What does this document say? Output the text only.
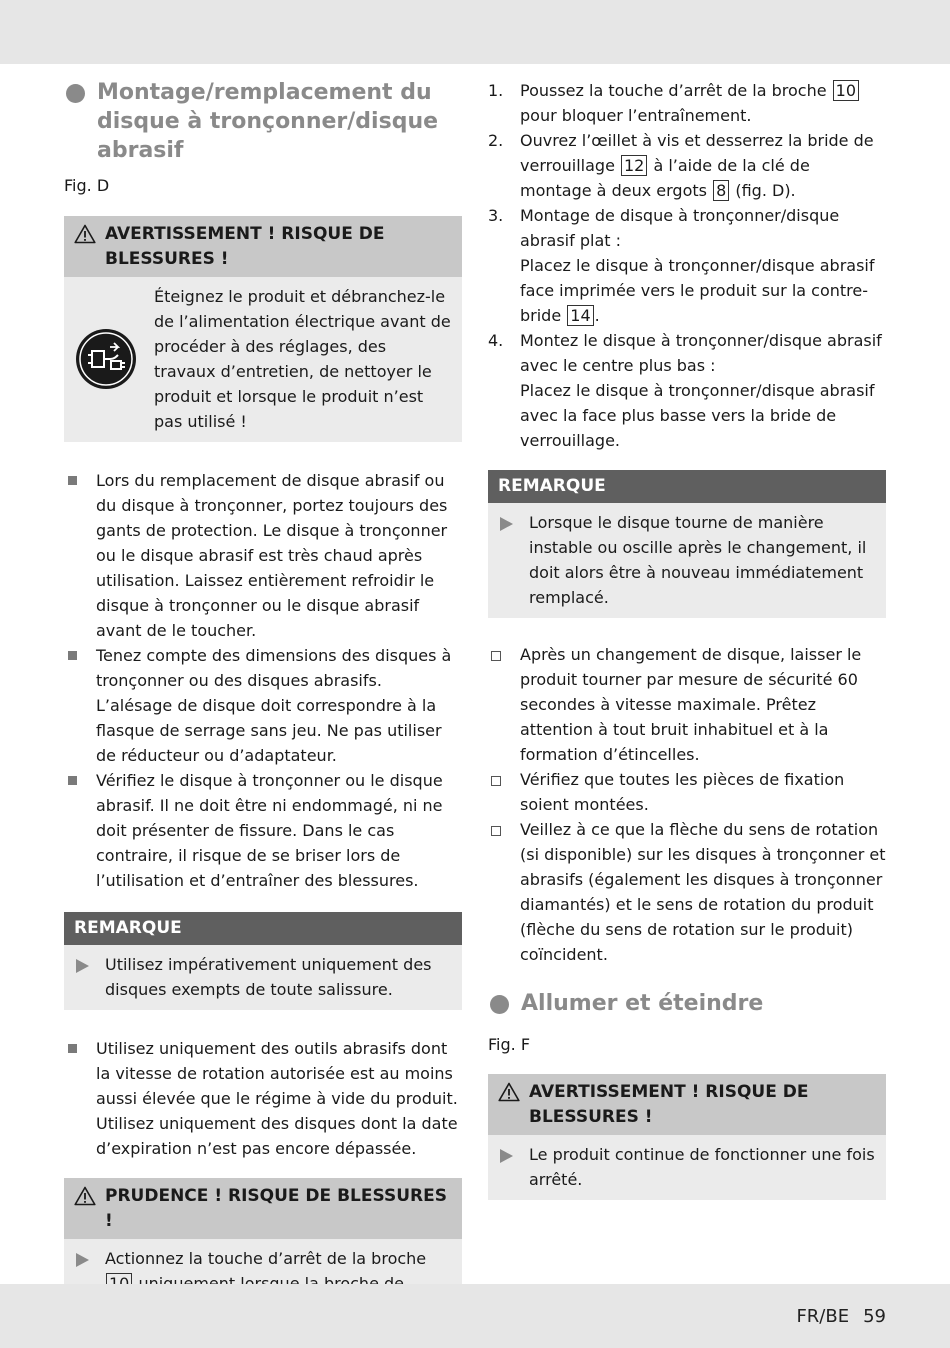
Montage/remplacement du disque à tronçonner/disque abrasif
Fig. D
AVERTISSEMENT ! RISQUE DE BLESSURES !
Éteignez le produit et débranchez-le de l’alimentation électrique avant de procéder à des réglages, des travaux d’entretien, de nettoyer le produit et lorsque le produit n’est pas utilisé !
Lors du remplacement de disque abrasif ou du disque à tronçonner, portez toujours des gants de protection. Le disque à tronçonner ou le disque abrasif est très chaud après utilisation. Laissez entièrement refroidir le disque à tronçonner ou le disque abrasif avant de le toucher.
Tenez compte des dimensions des disques à tronçonner ou des disques abrasifs. L’alésage de disque doit correspondre à la flasque de serrage sans jeu. Ne pas utiliser de réducteur ou d’adaptateur.
Vérifiez le disque à tronçonner ou le disque abrasif. Il ne doit être ni endommagé, ni ne doit présenter de fissure. Dans le cas contraire, il risque de se briser lors de l’utilisation et d’entraîner des blessures.
REMARQUE
Utilisez impérativement uniquement des disques exempts de toute salissure.
Utilisez uniquement des outils abrasifs dont la vitesse de rotation autorisée est au moins aussi élevée que le régime à vide du produit. Utilisez uniquement des disques dont la date d’expiration n’est pas encore dépassée.
PRUDENCE ! RISQUE DE BLESSURES !
Actionnez la touche d’arrêt de la broche
1. Poussez la touche d’arrêt de la broche 10 pour bloquer l’entraînement.
2. Ouvrez l’œillet à vis et desserrez la bride de verrouillage 12 à l’aide de la clé de montage à deux ergots 8 (fig. D).
3. Montage de disque à tronçonner/disque abrasif plat :
Placez le disque à tronçonner/disque abrasif face imprimée vers le produit sur la contre-bride 14 .
4. Montez le disque à tronçonner/disque abrasif avec le centre plus bas :
Placez le disque à tronçonner/disque abrasif avec la face plus basse vers la bride de verrouillage.
REMARQUE
Lorsque le disque tourne de manière instable ou oscille après le changement, il doit alors être à nouveau immédiatement remplacé.
Après un changement de disque, laisser le produit tourner par mesure de sécurité 60 secondes à vitesse maximale. Prêtez attention à tout bruit inhabituel et à la formation d’étincelles.
Vérifiez que toutes les pièces de fixation soient montées.
Veillez à ce que la flèche du sens de rotation (si disponible) sur les disques à tronçonner et abrasifs (également les disques à tronçonner diamantés) et le sens de rotation du produit (flèche du sens de rotation sur le produit) coïncident.
Allumer et éteindre
Fig. F
AVERTISSEMENT ! RISQUE DE BLESSURES !
Le produit continue de fonctionner une fois arrêté.
FR/BE 59
